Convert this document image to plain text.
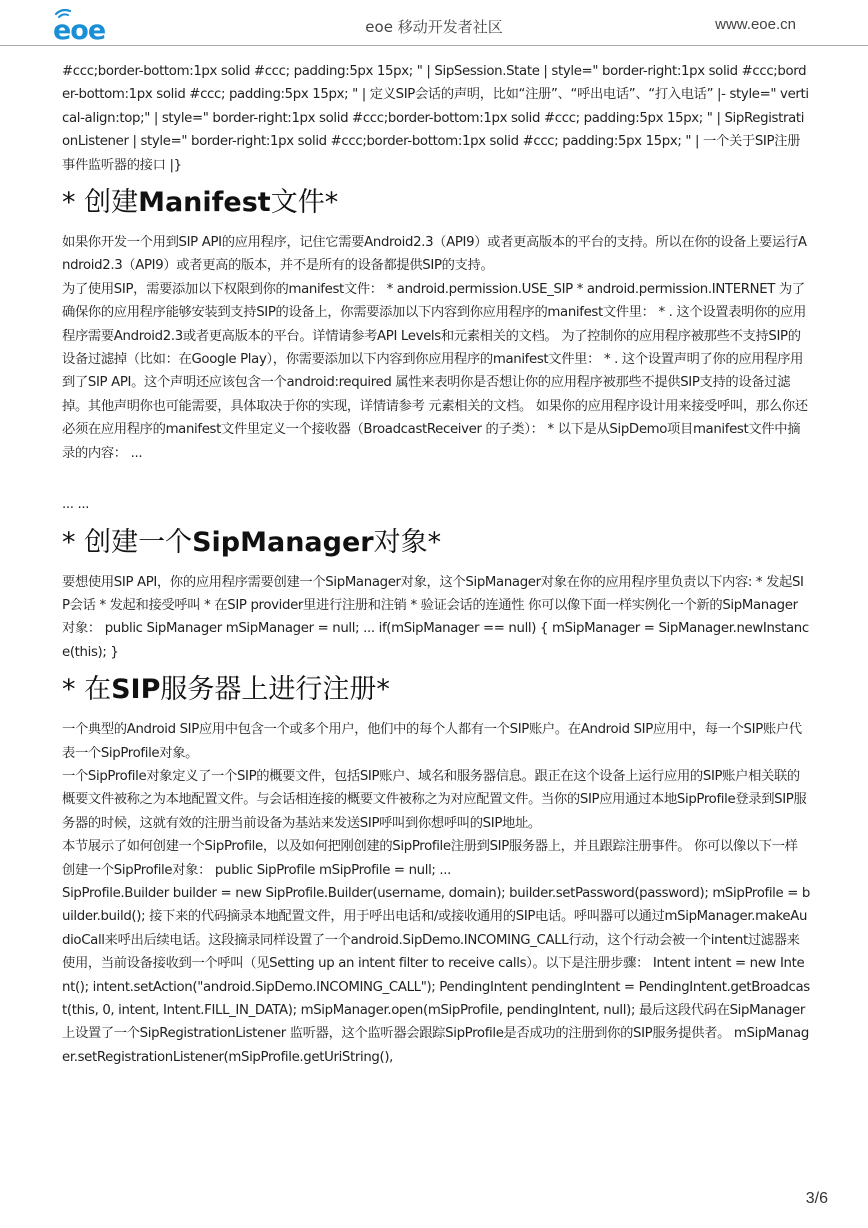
eoe	eoe 移动开发者社区	www.eoe.cn

#ccc;border-bottom:1px solid #ccc; padding:5px 15px; " | SipSession.State | style=" border-right:1px solid #ccc;border-bottom:1px solid #ccc; padding:5px 15px; " | 定义SIP会话的声明，比如“注册”、“呼出电话”、“打入电话” |- style=" vertical-align:top;" | style=" border-right:1px solid #ccc;border-bottom:1px solid #ccc; padding:5px 15px; " | SipRegistrationListener | style=" border-right:1px solid #ccc;border-bottom:1px solid #ccc; padding:5px 15px; " | 一个关于SIP注册事件监听器的接口 |}

* 创建Manifest文件*

如果你开发一个用到SIP API的应用程序，记住它需要Android2.3（API9）或者更高版本的平台的支持。所以在你的设备上要运行Android2.3（API9）或者更高的版本，并不是所有的设备都提供SIP的支持。

为了使用SIP，需要添加以下权限到你的manifest文件： * android.permission.USE_SIP * android.permission.INTERNET 为了确保你的应用程序能够安装到支持SIP的设备上，你需要添加以下内容到你应用程序的manifest文件里： * . 这个设置表明你的应用程序需要Android2.3或者更高版本的平台。详情请参考API Levels和元素相关的文档。 为了控制你的应用程序被那些不支持SIP的设备过滤掉（比如：在Google Play），你需要添加以下内容到你应用程序的manifest文件里： * . 这个设置声明了你的应用程序用到了SIP API。这个声明还应该包含一个android:required 属性来表明你是否想让你的应用程序被那些不提供SIP支持的设备过滤掉。其他声明你也可能需要，具体取决于你的实现，详情请参考 元素相关的文档。 如果你的应用程序设计用来接受呼叫，那么你还必须在应用程序的manifest文件里定义一个接收器（BroadcastReceiver 的子类）： * 以下是从SipDemo项目manifest文件中摘录的内容： ...

... ...

* 创建一个SipManager对象*

要想使用SIP API，你的应用程序需要创建一个SipManager对象，这个SipManager对象在你的应用程序里负责以下内容: * 发起SIP会话 * 发起和接受呼叫 * 在SIP provider里进行注册和注销 * 验证会话的连通性 你可以像下面一样实例化一个新的SipManager对象： public SipManager mSipManager = null; ... if(mSipManager == null) { mSipManager = SipManager.newInstance(this); }

* 在SIP服务器上进行注册*

一个典型的Android SIP应用中包含一个或多个用户，他们中的每个人都有一个SIP账户。在Android SIP应用中，每一个SIP账户代表一个SipProfile对象。

一个SipProfile对象定义了一个SIP的概要文件，包括SIP账户、域名和服务器信息。跟正在这个设备上运行应用的SIP账户相关联的概要文件被称之为本地配置文件。与会话相连接的概要文件被称之为对应配置文件。当你的SIP应用通过本地SipProfile登录到SIP服务器的时候，这就有效的注册当前设备为基站来发送SIP呼叫到你想呼叫的SIP地址。

本节展示了如何创建一个SipProfile，以及如何把刚创建的SipProfile注册到SIP服务器上，并且跟踪注册事件。 你可以像以下一样创建一个SipProfile对象： public SipProfile mSipProfile = null; ...

SipProfile.Builder builder = new SipProfile.Builder(username, domain); builder.setPassword(password); mSipProfile = builder.build(); 接下来的代码摘录本地配置文件，用于呼出电话和/或接收通用的SIP电话。呼叫器可以通过mSipManager.makeAudioCall来呼出后续电话。这段摘录同样设置了一个android.SipDemo.INCOMING_CALL行动，这个行动会被一个intent过滤器来使用，当前设备接收到一个呼叫（见Setting up an intent filter to receive calls）。以下是注册步骤： Intent intent = new Intent(); intent.setAction("android.SipDemo.INCOMING_CALL"); PendingIntent pendingIntent = PendingIntent.getBroadcast(this, 0, intent, Intent.FILL_IN_DATA); mSipManager.open(mSipProfile, pendingIntent, null); 最后这段代码在SipManager上设置了一个SipRegistrationListener 监听器，这个监听器会跟踪SipProfile是否成功的注册到你的SIP服务提供者。 mSipManager.setRegistrationListener(mSipProfile.getUriString(),

3/6
